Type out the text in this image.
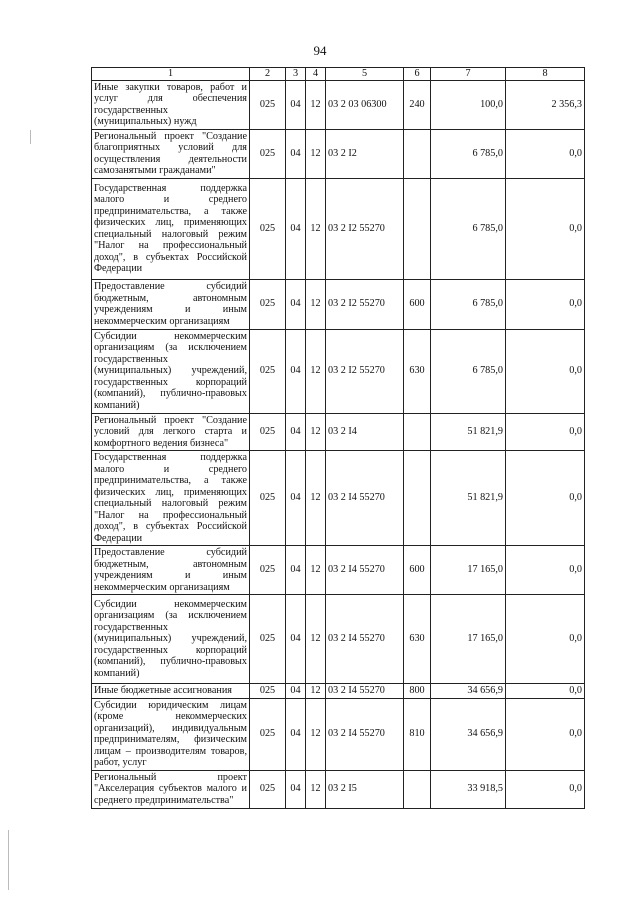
94
1	2	3	4	5	6	7	8
Иные закупки товаров, работ и услуг для обеспечения государственных (муниципальных) нужд	025	04	12	03 2 03 06300	240	100,0	2 356,3
Региональный проект "Создание благоприятных условий для осуществления деятельности самозанятыми гражданами"	025	04	12	03 2 I2		6 785,0	0,0
Государственная поддержка малого и среднего предпринимательства, а также физических лиц, применяющих специальный налоговый режим "Налог на профессиональный доход", в субъектах Российской Федерации	025	04	12	03 2 I2 55270		6 785,0	0,0
Предоставление субсидий бюджетным, автономным учреждениям и иным некоммерческим организациям	025	04	12	03 2 I2 55270	600	6 785,0	0,0
Субсидии некоммерческим организациям (за исключением государственных (муниципальных) учреждений, государственных корпораций (компаний), публично-правовых компаний)	025	04	12	03 2 I2 55270	630	6 785,0	0,0
Региональный проект "Создание условий для легкого старта и комфортного ведения бизнеса"	025	04	12	03 2 I4		51 821,9	0,0
Государственная поддержка малого и среднего предпринимательства, а также физических лиц, применяющих специальный налоговый режим "Налог на профессиональный доход", в субъектах Российской Федерации	025	04	12	03 2 I4 55270		51 821,9	0,0
Предоставление субсидий бюджетным, автономным учреждениям и иным некоммерческим организациям	025	04	12	03 2 I4 55270	600	17 165,0	0,0
Субсидии некоммерческим организациям (за исключением государственных (муниципальных) учреждений, государственных корпораций (компаний), публично-правовых компаний)	025	04	12	03 2 I4 55270	630	17 165,0	0,0
Иные бюджетные ассигнования	025	04	12	03 2 I4 55270	800	34 656,9	0,0
Субсидии юридическим лицам (кроме некоммерческих организаций), индивидуальным предпринимателям, физическим лицам – производителям товаров, работ, услуг	025	04	12	03 2 I4 55270	810	34 656,9	0,0
Региональный проект "Акселерация субъектов малого и среднего предпринимательства"	025	04	12	03 2 I5		33 918,5	0,0
